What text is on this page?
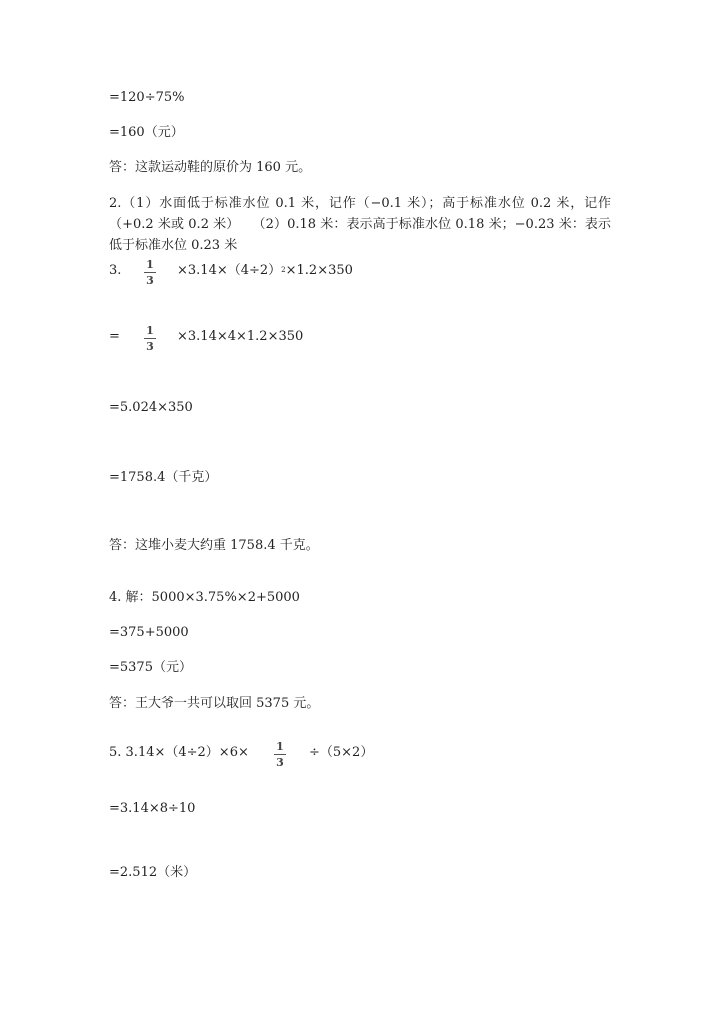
=120÷75%
=160（元）
答：这款运动鞋的原价为 160 元。
2.（1）水面低于标准水位 0.1 米，记作（−0.1 米）；高于标准水位 0.2 米，记作（+0.2 米或 0.2 米）　　（2）0.18 米：表示高于标准水位 0.18 米；−0.23 米：表示低于标准水位 0.23 米
3. 1
3
$\times 3.14\times(4\div 2)^2\times 1.2\times 350$
= 1
3
×3.14×4×1.2×350
=5.024×350
=1758.4（千克）
答：这堆小麦大约重 1758.4 千克。
4. 解：5000×3.75%×2+5000
=375+5000
=5375（元）
答：王大爷一共可以取回 5375 元。
5. 3.14×（4÷2）×6× 1
3
÷（5×2）
=3.14×8÷10
=2.512（米）
